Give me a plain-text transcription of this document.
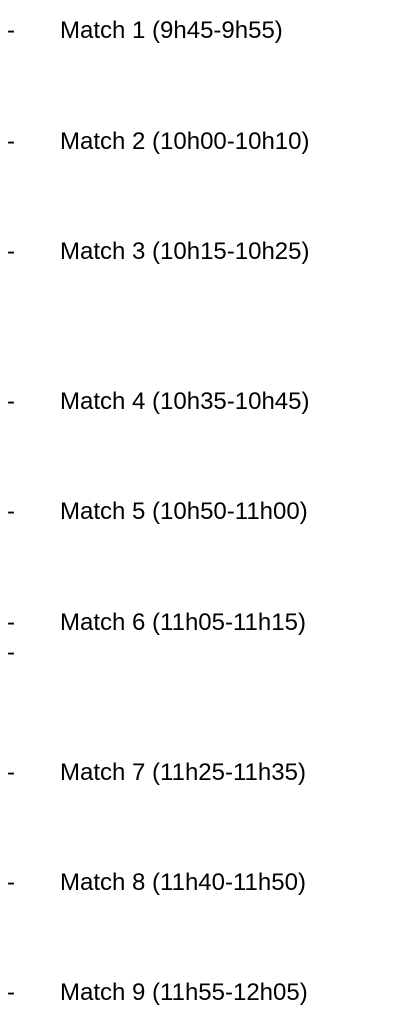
- Match 1 (9h45-9h55)
- Match 2 (10h00-10h10)
- Match 3 (10h15-10h25)
- Match 4 (10h35-10h45)
- Match 5 (10h50-11h00)
- Match 6 (11h05-11h15)
-
- Match 7 (11h25-11h35)
- Match 8 (11h40-11h50)
- Match 9 (11h55-12h05)
